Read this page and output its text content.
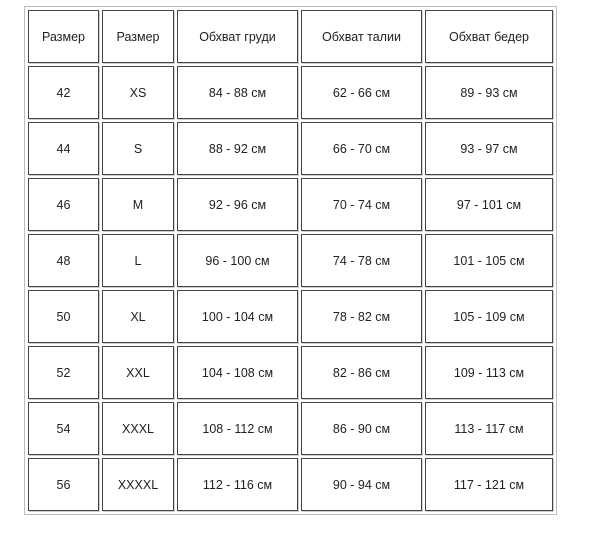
Размер	Размер	Обхват груди	Обхват талии	Обхват бедер
42	XS	84 - 88 см	62 - 66 см	89 - 93 см
44	S	88 - 92 см	66 - 70 см	93 - 97 см
46	M	92 - 96 см	70 - 74 см	97 - 101 см
48	L	96 - 100 см	74 - 78 см	101 - 105 см
50	XL	100 - 104 см	78 - 82 см	105 - 109 см
52	XXL	104 - 108 см	82 - 86 см	109 - 113 см
54	XXXL	108 - 112 см	86 - 90 см	113 - 117 см
56	XXXXL	112 - 116 см	90 - 94 см	117 - 121 см
